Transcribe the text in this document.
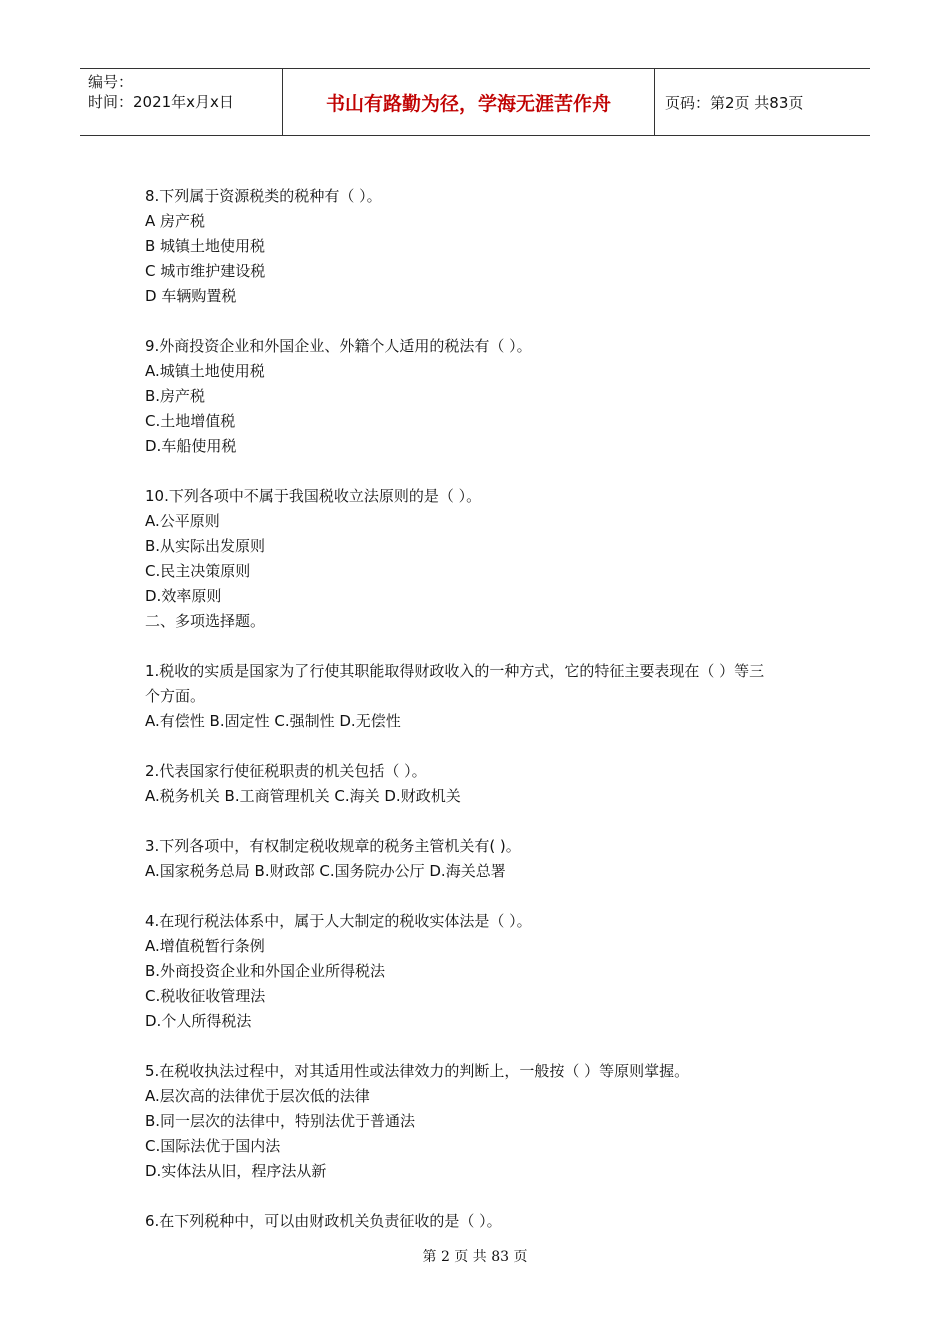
编号：
时间：2021年x月x日	书山有路勤为径，学海无涯苦作舟	页码：第2页 共83页
8.下列属于资源税类的税种有（ ）。
A 房产税
B 城镇土地使用税
C 城市维护建设税
D 车辆购置税
9.外商投资企业和外国企业、外籍个人适用的税法有（ ）。
A.城镇土地使用税
B.房产税
C.土地增值税
D.车船使用税
10.下列各项中不属于我国税收立法原则的是（ ）。
A.公平原则
B.从实际出发原则
C.民主决策原则
D.效率原则
二、多项选择题。
1.税收的实质是国家为了行使其职能取得财政收入的一种方式，它的特征主要表现在（ ）等三
个方面。
A.有偿性 B.固定性 C.强制性 D.无偿性
2.代表国家行使征税职责的机关包括（ ）。
A.税务机关 B.工商管理机关 C.海关 D.财政机关
3.下列各项中，有权制定税收规章的税务主管机关有( )。
A.国家税务总局 B.财政部 C.国务院办公厅 D.海关总署
4.在现行税法体系中，属于人大制定的税收实体法是（ ）。
A.增值税暂行条例
B.外商投资企业和外国企业所得税法
C.税收征收管理法
D.个人所得税法
5.在税收执法过程中，对其适用性或法律效力的判断上，一般按（ ）等原则掌握。
A.层次高的法律优于层次低的法律
B.同一层次的法律中，特别法优于普通法
C.国际法优于国内法
D.实体法从旧，程序法从新
6.在下列税种中，可以由财政机关负责征收的是（ ）。
第 2 页 共 83 页
